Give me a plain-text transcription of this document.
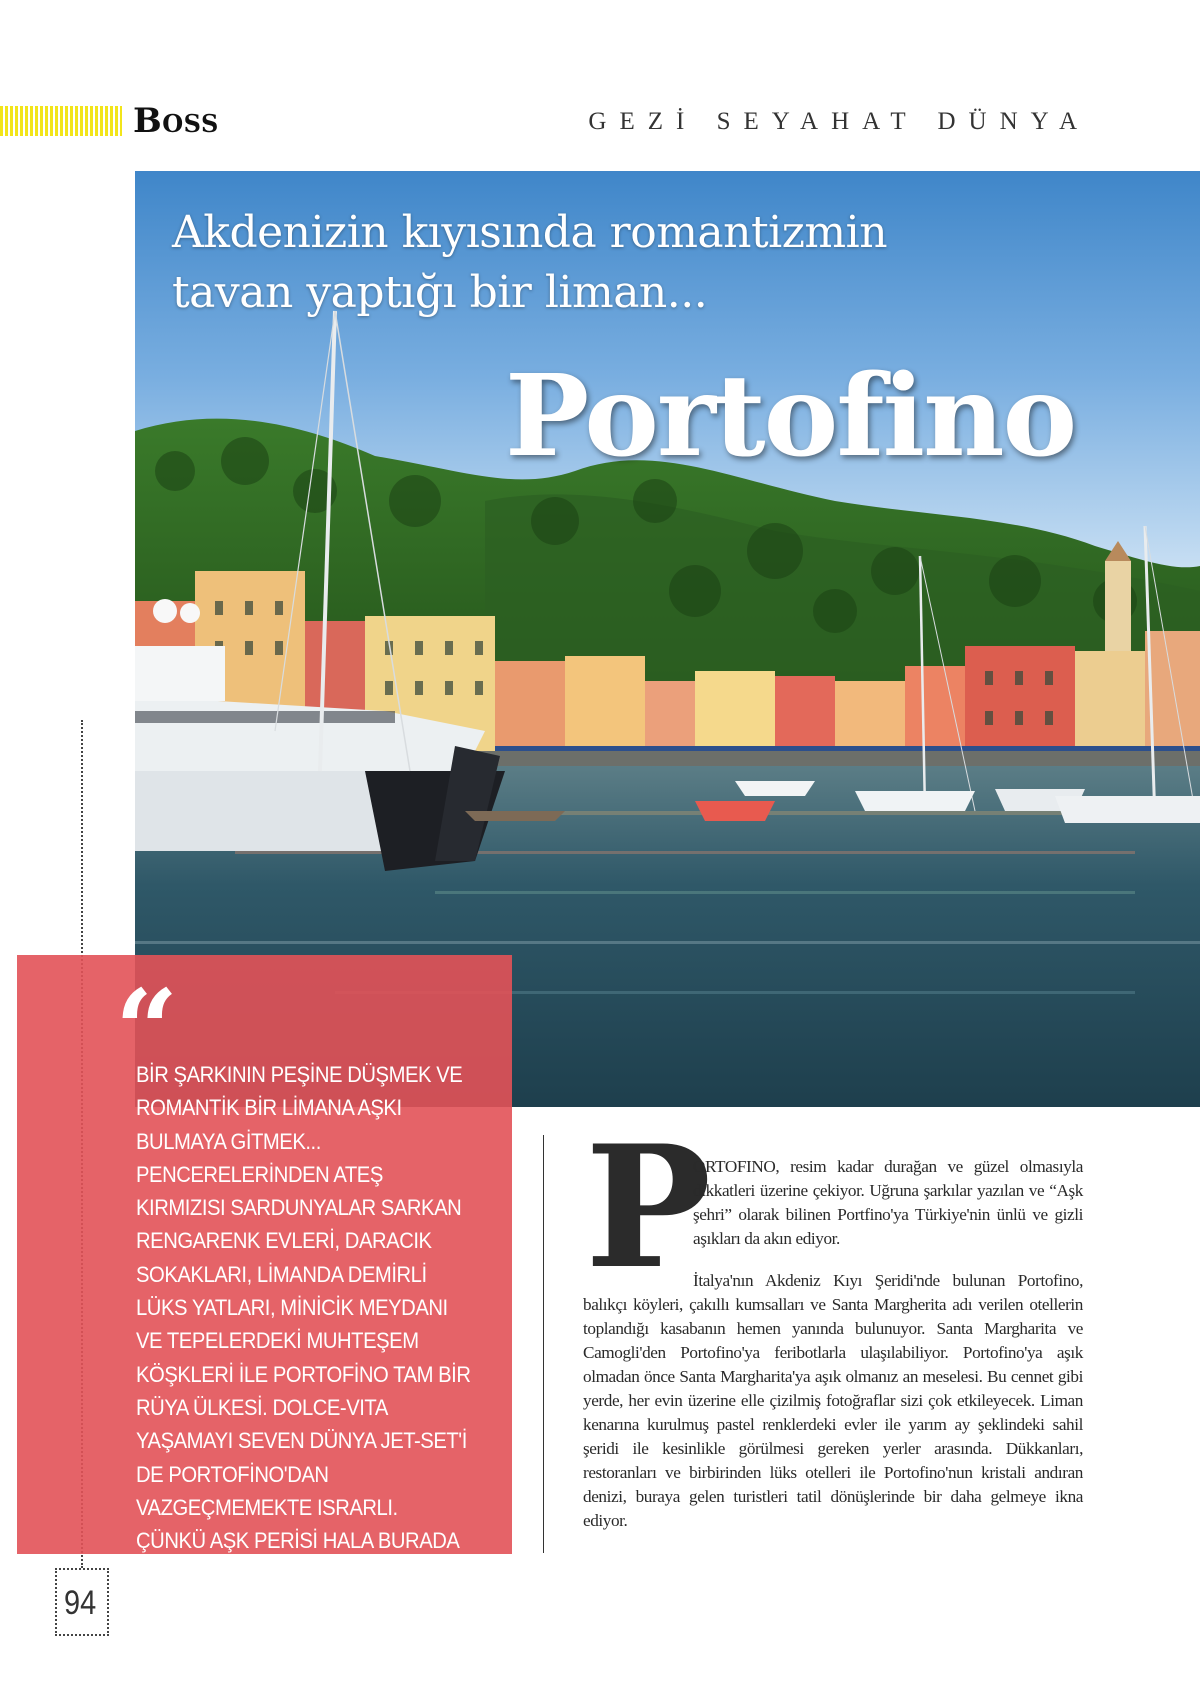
Boss	GEZİ SEYAHAT DÜNYA
Akdenizin kıyısında romantizmin
tavan yaptığı bir liman...
Portofino
“
BİR ŞARKININ PEŞİNE DÜŞMEK VE ROMANTİK BİR LİMANA AŞKI BULMAYA GİTMEK... PENCERELERİNDEN ATEŞ KIRMIZISI SARDUNYALAR SARKAN RENGARENK EVLERİ, DARACIK SOKAKLARI, LİMANDA DEMİRLİ LÜKS YATLARI, MİNİCİK MEYDANI VE TEPELERDEKİ MUHTEŞEM KÖŞKLERİ İLE PORTOFİNO TAM BİR RÜYA ÜLKESİ. DOLCE-VITA YAŞAMAYI SEVEN DÜNYA JET-SET'İ DE PORTOFİNO'DAN VAZGEÇMEMEKTE ISRARLI. ÇÜNKÜ AŞK PERİSİ HALA BURADA VE RÜYALARI GERÇEĞE DÖNÜŞTÜRÜYOR.
94
P

ORTOFINO, resim kadar durağan ve güzel olmasıyla dikkatleri üzerine çekiyor. Uğruna şarkılar yazılan ve “Aşk şehri” olarak bilinen Portfino'ya Türkiye'nin ünlü ve gizli aşıkları da akın ediyor.

İtalya'nın Akdeniz Kıyı Şeridi'nde bulunan Portofino, balıkçı köyleri, çakıllı kumsalları ve Santa Margherita adı verilen otellerin toplandığı kasabanın hemen yanında bulunuyor. Santa Margharita ve Camogli'den Portofino'ya feribotlarla ulaşılabiliyor. Portofino'ya aşık olmadan önce Santa Margharita'ya aşık olmanız an meselesi. Bu cennet gibi yerde, her evin üzerine elle çizilmiş fotoğraflar sizi çok etkileyecek. Liman kenarına kurulmuş pastel renklerdeki evler ile yarım ay şeklindeki sahil şeridi ile kesinlikle görülmesi gereken yerler arasında. Dükkanları, restoranları ve birbirinden lüks otelleri ile Portofino'nun kristali andıran denizi, buraya gelen turistleri tatil dönüşlerinde bir daha gelmeye ikna ediyor.
